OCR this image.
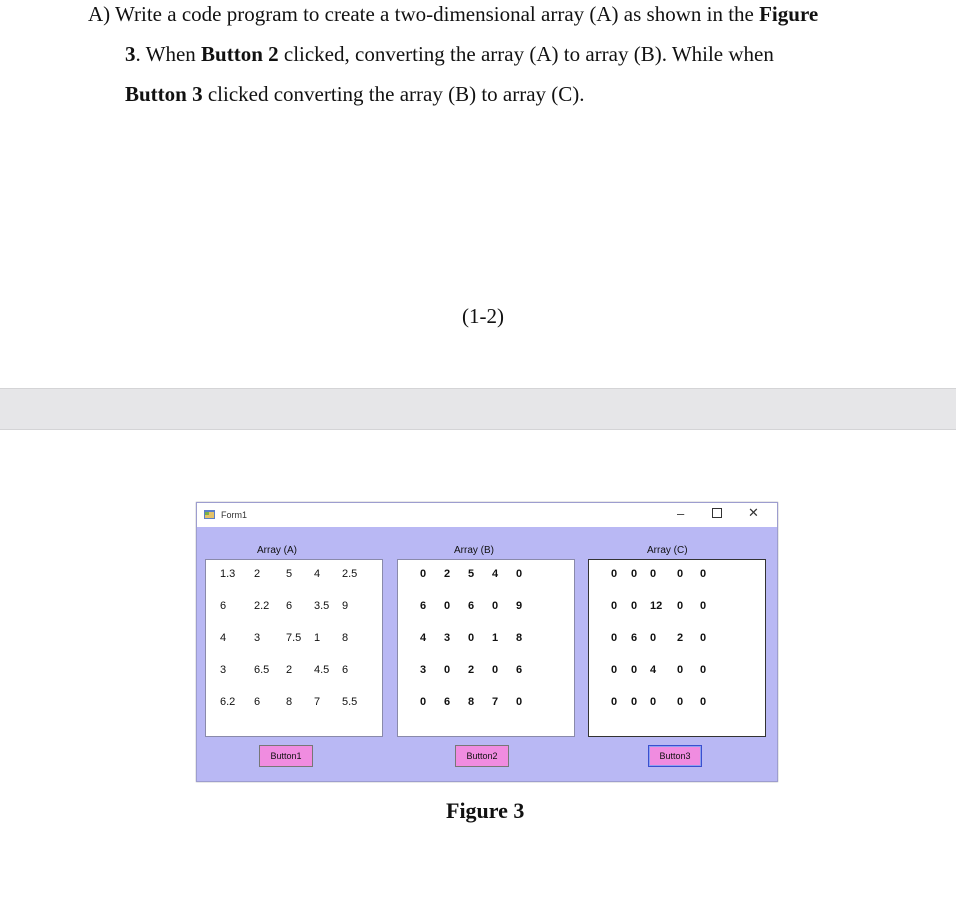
A) Write a code program to create a two-dimensional array (A) as shown in the Figure
3. When Button 2 clicked, converting the array (A) to array (B). While when
Button 3 clicked converting the array (B) to array (C).
(1-2)
Form1	–	✕
Array (A)
1.3 2 5 4 2.5
6	2.2 6 3.5 9
4	3 7.5 1 8
3	6.5 2 4.5 6
6.2 6 8 7 5.5
Button1
Array (B)
0 2 5 4 0
6 0 6 0 9
4 3 0 1 8
3 0 2 0 6
0 6 8 7 0
Button2
Array (C)
0 0 0 0 0
0 0 12 0 0
0 6 0 2 0
0 0 4 0 0
0 0 0 0 0
Button3
Figure 3
